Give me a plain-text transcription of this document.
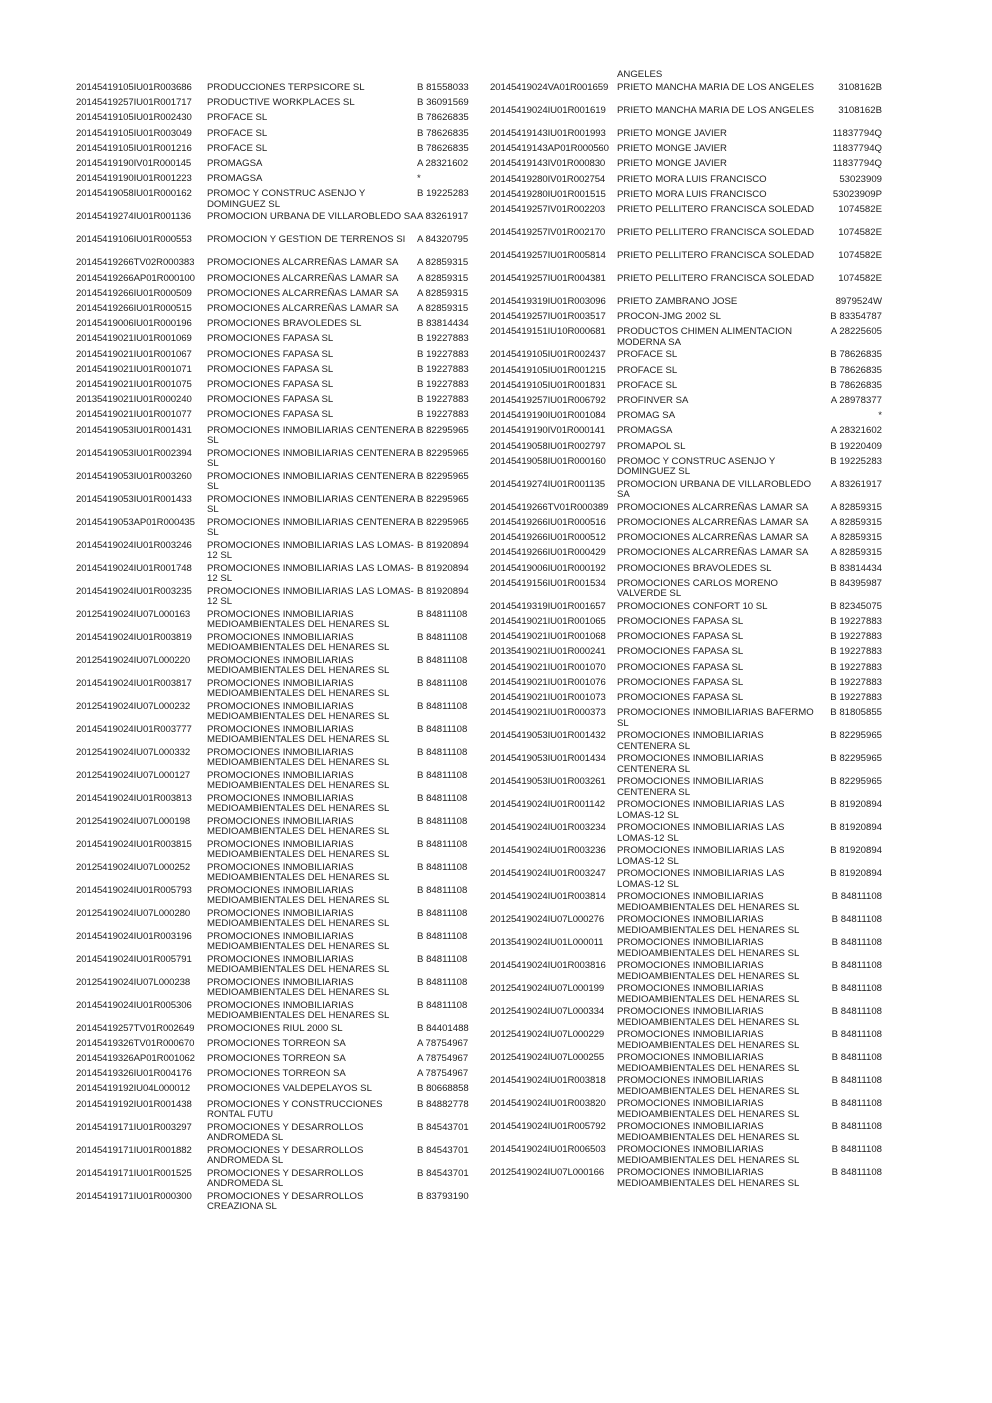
ANGELES
20145419105IU01R003686 PRODUCCIONES TERPSICORE SL	B 81558033
20145419257IU01R001717 PRODUCTIVE WORKPLACES SL	B 36091569
20145419105IU01R002430 PROFACE SL	B 78626835
20145419105IU01R003049 PROFACE SL	B 78626835
20145419105IU01R001216 PROFACE SL	B 78626835
20145419190IV01R000145 PROMAGSA	A 28321602
20145419190IU01R001223 PROMAGSA	*
20145419058IU01R000162 PROMOC Y CONSTRUC ASENJO Y DOMINGUEZ SL
B 19225283
20145419274IU01R001136 PROMOCION URBANA DE VILLAROBLEDO SA A 83261917
20145419106IU01R000553 PROMOCION Y GESTION DE TERRENOS SI	A 84320795
20145419266TV02R000383 PROMOCIONES ALCARREÑAS LAMAR SA	A 82859315
20145419266AP01R000100 PROMOCIONES ALCARREÑAS LAMAR SA	A 82859315
20145419266IU01R000509 PROMOCIONES ALCARREÑAS LAMAR SA	A 82859315
20145419266IU01R000515 PROMOCIONES ALCARREÑAS LAMAR SA	A 82859315
20145419006IU01R000196 PROMOCIONES BRAVOLEDES SL	B 83814434
20145419021IU01R001069 PROMOCIONES FAPASA SL	B 19227883
20145419021IU01R001067 PROMOCIONES FAPASA SL	B 19227883
20145419021IU01R001071 PROMOCIONES FAPASA SL	B 19227883
20145419021IU01R001075 PROMOCIONES FAPASA SL	B 19227883
20135419021IU01R000240 PROMOCIONES FAPASA SL	B 19227883
20145419021IU01R001077 PROMOCIONES FAPASA SL	B 19227883
20145419053IU01R001431 PROMOCIONES INMOBILIARIAS CENTENERA SL
B 82295965
20145419053IU01R002394 PROMOCIONES INMOBILIARIAS CENTENERA SL
B 82295965
20145419053IU01R003260 PROMOCIONES INMOBILIARIAS CENTENERA SL
B 82295965
20145419053IU01R001433 PROMOCIONES INMOBILIARIAS CENTENERA SL
B 82295965
20145419053AP01R000435 PROMOCIONES INMOBILIARIAS CENTENERA SL
B 82295965
20145419024IU01R003246 PROMOCIONES INMOBILIARIAS LAS LOMAS-12 SL
B 81920894
20145419024IU01R001748 PROMOCIONES INMOBILIARIAS LAS LOMAS-12 SL
B 81920894
20145419024IU01R003235 PROMOCIONES INMOBILIARIAS LAS LOMAS-12 SL
B 81920894
20125419024IU07L000163 PROMOCIONES INMOBILIARIAS MEDIOAMBIENTALES DEL HENARES SL
B 84811108
20145419024IU01R003819 PROMOCIONES INMOBILIARIAS MEDIOAMBIENTALES DEL HENARES SL
B 84811108
20125419024IU07L000220 PROMOCIONES INMOBILIARIAS MEDIOAMBIENTALES DEL HENARES SL
B 84811108
20145419024IU01R003817 PROMOCIONES INMOBILIARIAS MEDIOAMBIENTALES DEL HENARES SL
B 84811108
20125419024IU07L000232 PROMOCIONES INMOBILIARIAS MEDIOAMBIENTALES DEL HENARES SL
B 84811108
20145419024IU01R003777 PROMOCIONES INMOBILIARIAS MEDIOAMBIENTALES DEL HENARES SL
B 84811108
20125419024IU07L000332 PROMOCIONES INMOBILIARIAS MEDIOAMBIENTALES DEL HENARES SL
B 84811108
20125419024IU07L000127 PROMOCIONES INMOBILIARIAS MEDIOAMBIENTALES DEL HENARES SL
B 84811108
20145419024IU01R003813 PROMOCIONES INMOBILIARIAS MEDIOAMBIENTALES DEL HENARES SL
B 84811108
20125419024IU07L000198 PROMOCIONES INMOBILIARIAS MEDIOAMBIENTALES DEL HENARES SL
B 84811108
20145419024IU01R003815 PROMOCIONES INMOBILIARIAS MEDIOAMBIENTALES DEL HENARES SL
B 84811108
20125419024IU07L000252 PROMOCIONES INMOBILIARIAS MEDIOAMBIENTALES DEL HENARES SL
B 84811108
20145419024IU01R005793 PROMOCIONES INMOBILIARIAS MEDIOAMBIENTALES DEL HENARES SL
B 84811108
20125419024IU07L000280 PROMOCIONES INMOBILIARIAS MEDIOAMBIENTALES DEL HENARES SL
B 84811108
20145419024IU01R003196 PROMOCIONES INMOBILIARIAS MEDIOAMBIENTALES DEL HENARES SL
B 84811108
20145419024IU01R005791 PROMOCIONES INMOBILIARIAS MEDIOAMBIENTALES DEL HENARES SL
B 84811108
20125419024IU07L000238 PROMOCIONES INMOBILIARIAS MEDIOAMBIENTALES DEL HENARES SL
B 84811108
20145419024IU01R005306 PROMOCIONES INMOBILIARIAS MEDIOAMBIENTALES DEL HENARES SL
B 84811108
20145419257TV01R002649 PROMOCIONES RIUL 2000 SL	B 84401488
20145419326TV01R000670 PROMOCIONES TORREON SA	A 78754967
20145419326AP01R001062 PROMOCIONES TORREON SA	A 78754967
20145419326IU01R004176 PROMOCIONES TORREON SA	A 78754967
20145419192IU04L000012 PROMOCIONES VALDEPELAYOS SL	B 80668858
20145419192IU01R001438 PROMOCIONES Y CONSTRUCCIONES RONTAL FUTU
B 84882778
20145419171IU01R003297 PROMOCIONES Y DESARROLLOS ANDROMEDA SL
B 84543701
20145419171IU01R001882 PROMOCIONES Y DESARROLLOS ANDROMEDA SL
B 84543701
20145419171IU01R001525 PROMOCIONES Y DESARROLLOS ANDROMEDA SL
B 84543701
20145419171IU01R000300 PROMOCIONES Y DESARROLLOS CREAZIONA SL
B 83793190
20145419024VA01R001659 PRIETO MANCHA MARIA DE LOS ANGELES	3108162B
20145419024IU01R001619 PRIETO MANCHA MARIA DE LOS ANGELES	3108162B
20145419143IU01R001993 PRIETO MONGE JAVIER	11837794Q
20145419143AP01R000560 PRIETO MONGE JAVIER	11837794Q
20145419143IV01R000830 PRIETO MONGE JAVIER	11837794Q
20145419280IV01R002754 PRIETO MORA LUIS FRANCISCO	53023909
20145419280IU01R001515 PRIETO MORA LUIS FRANCISCO	53023909P
20145419257IV01R002203 PRIETO PELLITERO FRANCISCA SOLEDAD	1074582E
20145419257IV01R002170 PRIETO PELLITERO FRANCISCA SOLEDAD	1074582E
20145419257IU01R005814 PRIETO PELLITERO FRANCISCA SOLEDAD	1074582E
20145419257IU01R004381 PRIETO PELLITERO FRANCISCA SOLEDAD	1074582E
20145419319IU01R003096 PRIETO ZAMBRANO JOSE	8979524W
20145419257IU01R003517 PROCON-JMG 2002 SL	B 83354787
20145419151IU10R000681 PRODUCTOS CHIMEN ALIMENTACION MODERNA SA
A 28225605
20145419105IU01R002437 PROFACE SL	B 78626835
20145419105IU01R001215 PROFACE SL	B 78626835
20145419105IU01R001831 PROFACE SL	B 78626835
20145419257IU01R006792 PROFINVER SA	A 28978377
20145419190IU01R001084 PROMAG SA	*
20145419190IV01R000141 PROMAGSA	A 28321602
20145419058IU01R002797 PROMAPOL SL	B 19220409
20145419058IU01R000160 PROMOC Y CONSTRUC ASENJO Y DOMINGUEZ SL
B 19225283
20145419274IU01R001135 PROMOCION URBANA DE VILLAROBLEDO SA
A 83261917
20145419266TV01R000389 PROMOCIONES ALCARREÑAS LAMAR SA	A 82859315
20145419266IU01R000516 PROMOCIONES ALCARREÑAS LAMAR SA	A 82859315
20145419266IU01R000512 PROMOCIONES ALCARREÑAS LAMAR SA	A 82859315
20145419266IU01R000429 PROMOCIONES ALCARREÑAS LAMAR SA	A 82859315
20145419006IU01R000192 PROMOCIONES BRAVOLEDES SL	B 83814434
20145419156IU01R001534 PROMOCIONES CARLOS MORENO VALVERDE SL
B 84395987
20145419319IU01R001657 PROMOCIONES CONFORT 10 SL	B 82345075
20145419021IU01R001065 PROMOCIONES FAPASA SL	B 19227883
20145419021IU01R001068 PROMOCIONES FAPASA SL	B 19227883
20135419021IU01R000241 PROMOCIONES FAPASA SL	B 19227883
20145419021IU01R001070 PROMOCIONES FAPASA SL	B 19227883
20145419021IU01R001076 PROMOCIONES FAPASA SL	B 19227883
20145419021IU01R001073 PROMOCIONES FAPASA SL	B 19227883
20145419021IU01R000373 PROMOCIONES INMOBILIARIAS BAFERMO SL
B 81805855
20145419053IU01R001432 PROMOCIONES INMOBILIARIAS CENTENERA SL
B 82295965
20145419053IU01R001434 PROMOCIONES INMOBILIARIAS CENTENERA SL
B 82295965
20145419053IU01R003261 PROMOCIONES INMOBILIARIAS CENTENERA SL
B 82295965
20145419024IU01R001142 PROMOCIONES INMOBILIARIAS LAS LOMAS-12 SL
B 81920894
20145419024IU01R003234 PROMOCIONES INMOBILIARIAS LAS LOMAS-12 SL
B 81920894
20145419024IU01R003236 PROMOCIONES INMOBILIARIAS LAS LOMAS-12 SL
B 81920894
20145419024IU01R003247 PROMOCIONES INMOBILIARIAS LAS LOMAS-12 SL
B 81920894
20145419024IU01R003814 PROMOCIONES INMOBILIARIAS MEDIOAMBIENTALES DEL HENARES SL
B 84811108
20125419024IU07L000276 PROMOCIONES INMOBILIARIAS MEDIOAMBIENTALES DEL HENARES SL
B 84811108
20135419024IU01L000011 PROMOCIONES INMOBILIARIAS MEDIOAMBIENTALES DEL HENARES SL
B 84811108
20145419024IU01R003816 PROMOCIONES INMOBILIARIAS MEDIOAMBIENTALES DEL HENARES SL
B 84811108
20125419024IU07L000199 PROMOCIONES INMOBILIARIAS MEDIOAMBIENTALES DEL HENARES SL
B 84811108
20125419024IU07L000334 PROMOCIONES INMOBILIARIAS MEDIOAMBIENTALES DEL HENARES SL
B 84811108
20125419024IU07L000229 PROMOCIONES INMOBILIARIAS MEDIOAMBIENTALES DEL HENARES SL
B 84811108
20125419024IU07L000255 PROMOCIONES INMOBILIARIAS MEDIOAMBIENTALES DEL HENARES SL
B 84811108
20145419024IU01R003818 PROMOCIONES INMOBILIARIAS MEDIOAMBIENTALES DEL HENARES SL
B 84811108
20145419024IU01R003820 PROMOCIONES INMOBILIARIAS MEDIOAMBIENTALES DEL HENARES SL
B 84811108
20145419024IU01R005792 PROMOCIONES INMOBILIARIAS MEDIOAMBIENTALES DEL HENARES SL
B 84811108
20145419024IU01R006503 PROMOCIONES INMOBILIARIAS MEDIOAMBIENTALES DEL HENARES SL
B 84811108
20125419024IU07L000166 PROMOCIONES INMOBILIARIAS MEDIOAMBIENTALES DEL HENARES SL
B 84811108
